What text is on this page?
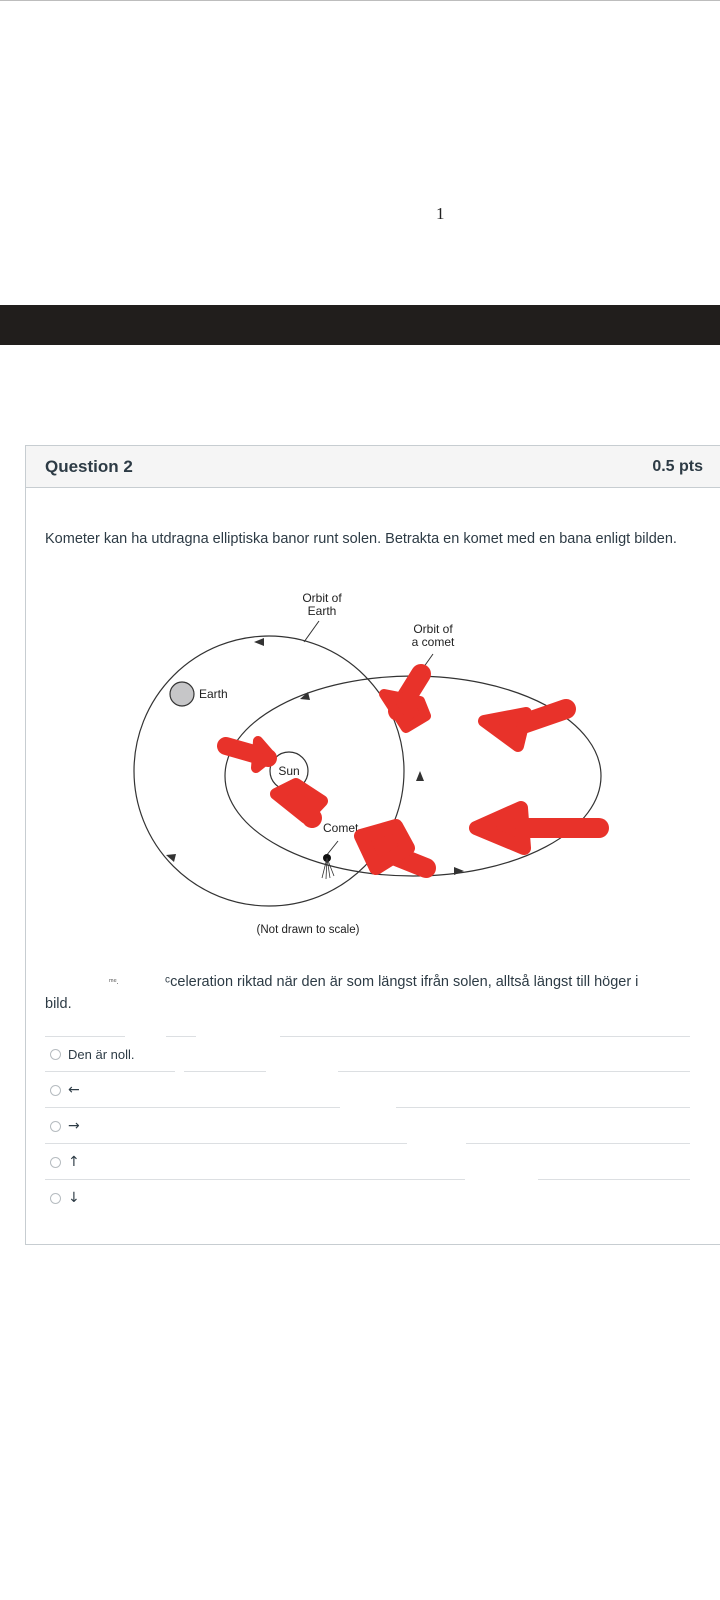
1
Question 2	0.5 pts
Kometer kan ha utdragna elliptiska banor runt solen. Betrakta en komet med en bana enligt bilden.
Orbit of
Earth
Orbit of
a comet
Earth
Sun
Comet
(Not drawn to scale)
ᵐᵉ.	ᶜceleration riktad när den är som längst ifrån solen, alltså längst till höger i
bild.
Den är noll.
←
→
↑
↓
